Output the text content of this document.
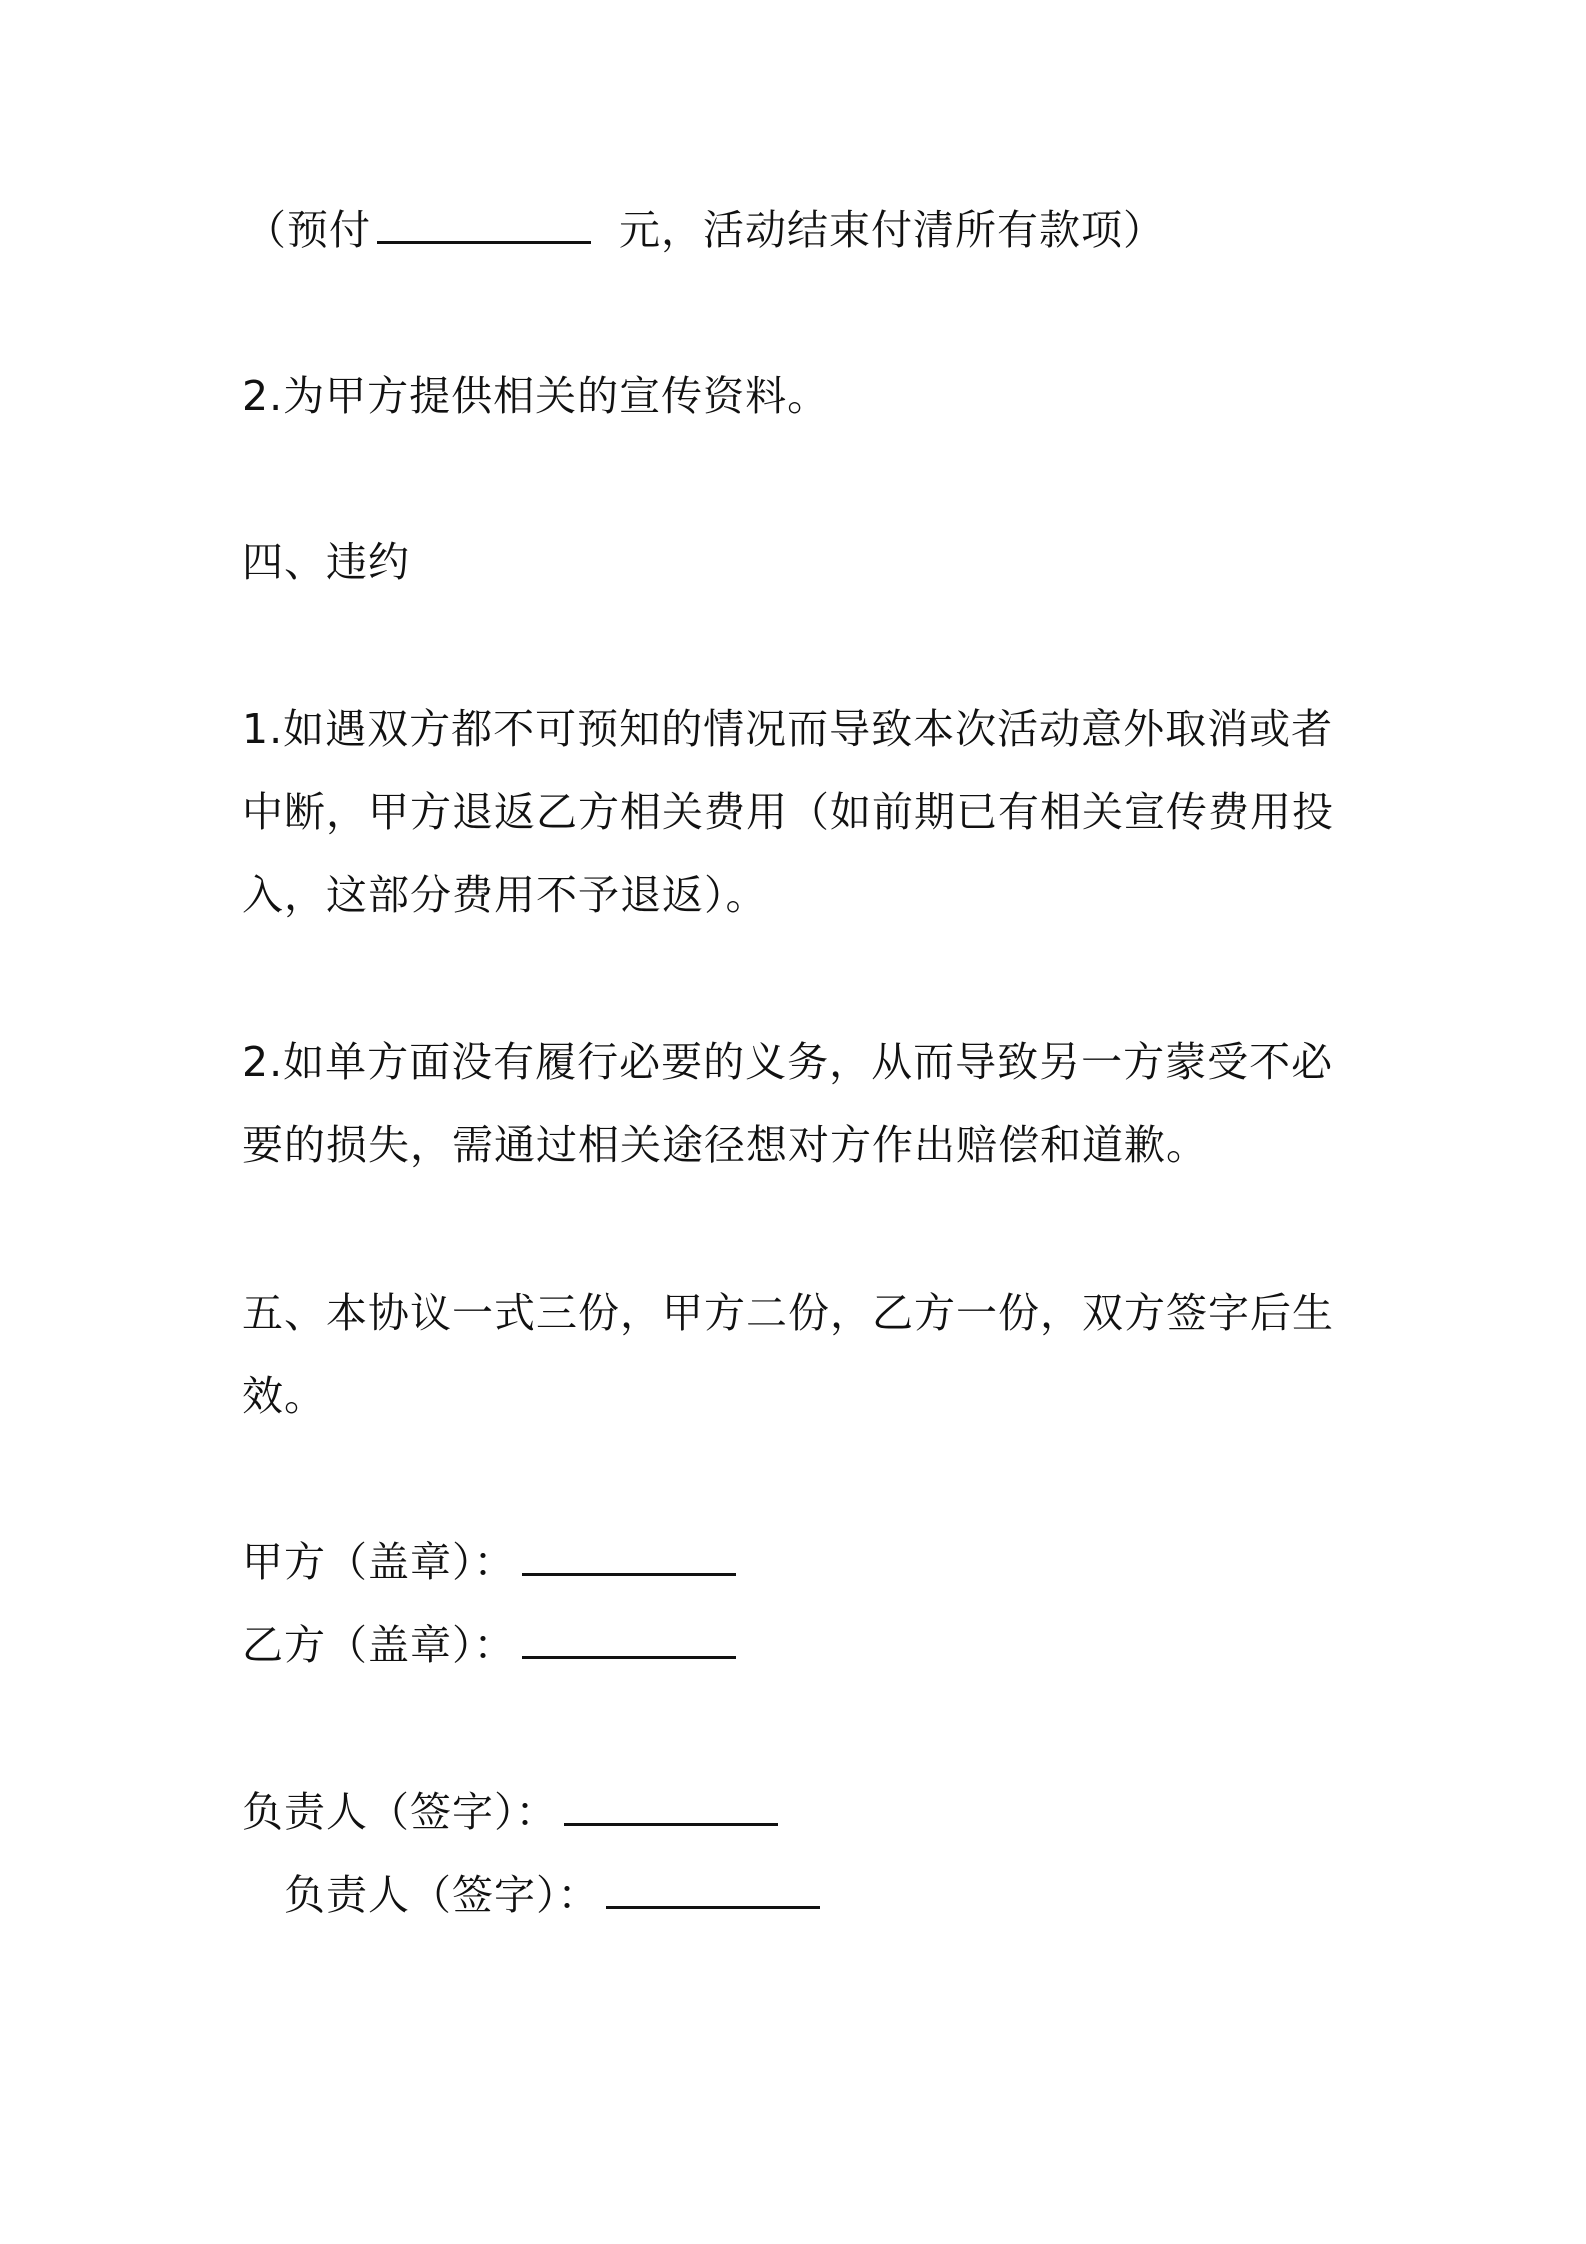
（预付	元，活动结束付清所有款项）
2.为甲方提供相关的宣传资料。
四、违约
1.如遇双方都不可预知的情况而导致本次活动意外取消或者
中断，甲方退返乙方相关费用（如前期已有相关宣传费用投
入，这部分费用不予退返）。
2.如单方面没有履行必要的义务，从而导致另一方蒙受不必
要的损失，需通过相关途径想对方作出赔偿和道歉。
五、本协议一式三份，甲方二份，乙方一份，双方签字后生
效。
甲方（盖章）：
乙方（盖章）：
负责人（签字）：
负责人（签字）：
